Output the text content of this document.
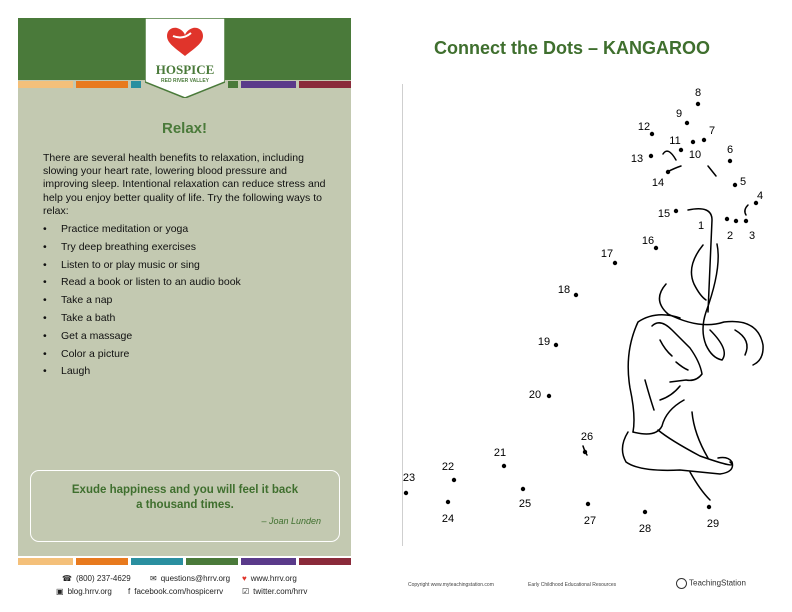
HOSPICE
RED RIVER VALLEY
Relax!
There are several health benefits to relaxation, including slowing your heart rate, lowering blood pressure and improving sleep. Intentional relaxation can reduce stress and help you enjoy better quality of life. Try the following ways to relax:
• Practice meditation or yoga
• Try deep breathing exercises
• Listen to or play music or sing
• Read a book or listen to an audio book
• Take a nap
• Take a bath
• Get a massage
• Color a picture
• Laugh
Exude happiness and you will feel it back
a thousand times.
– Joan Lunden
☎ (800) 237-4629 ✉ questions@hrrv.org ♥ www.hrrv.org
▣ blog.hrrv.org f facebook.com/hospicerrv ☑ twitter.com/hrrv
Connect the Dots – KANGAROO
1
2 3
4
5
6
7
8
9
10
11
12
13
14
15
16
17
18
19
20
21
22
23
24
25
26
27
28	29
Copyright www.myteachingstation.com	Early Childhood Educational Resources	TeachingStation
